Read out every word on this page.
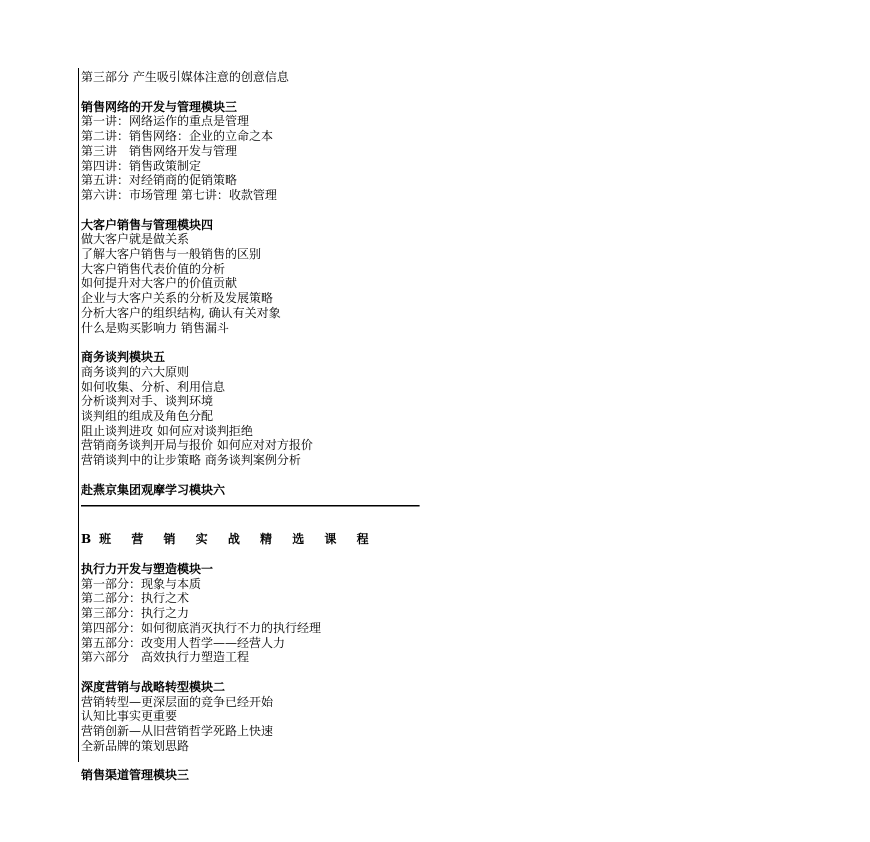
第三部分 产生吸引媒体注意的创意信息
销售网络的开发与管理模块三
第一讲：网络运作的重点是管理
第二讲：销售网络：企业的立命之本
第三讲　销售网络开发与管理
第四讲：销售政策制定
第五讲：对经销商的促销策略
第六讲：市场管理 第七讲：收款管理
大客户销售与管理模块四
做大客户就是做关系
了解大客户销售与一般销售的区别
大客户销售代表价值的分析
如何提升对大客户的价值贡献
企业与大客户关系的分析及发展策略
分析大客户的组织结构, 确认有关对象
什么是购买影响力 销售漏斗
商务谈判模块五
商务谈判的六大原则
如何收集、分析、利用信息
分析谈判对手、谈判环境
谈判组的组成及角色分配
阻止谈判进攻 如何应对谈判拒绝
营销商务谈判开局与报价 如何应对对方报价
营销谈判中的让步策略 商务谈判案例分析
赴燕京集团观摩学习模块六
————————————————————————————————————————————————————————
B班 营 销 实 战 精 选 课 程
执行力开发与塑造模块一
第一部分：现象与本质
第二部分：执行之术
第三部分：执行之力
第四部分：如何彻底消灭执行不力的执行经理
第五部分：改变用人哲学——经营人力
第六部分　高效执行力塑造工程
深度营销与战略转型模块二
营销转型—更深层面的竞争已经开始
认知比事实更重要
营销创新—从旧营销哲学死路上快速
全新品牌的策划思路
销售渠道管理模块三
